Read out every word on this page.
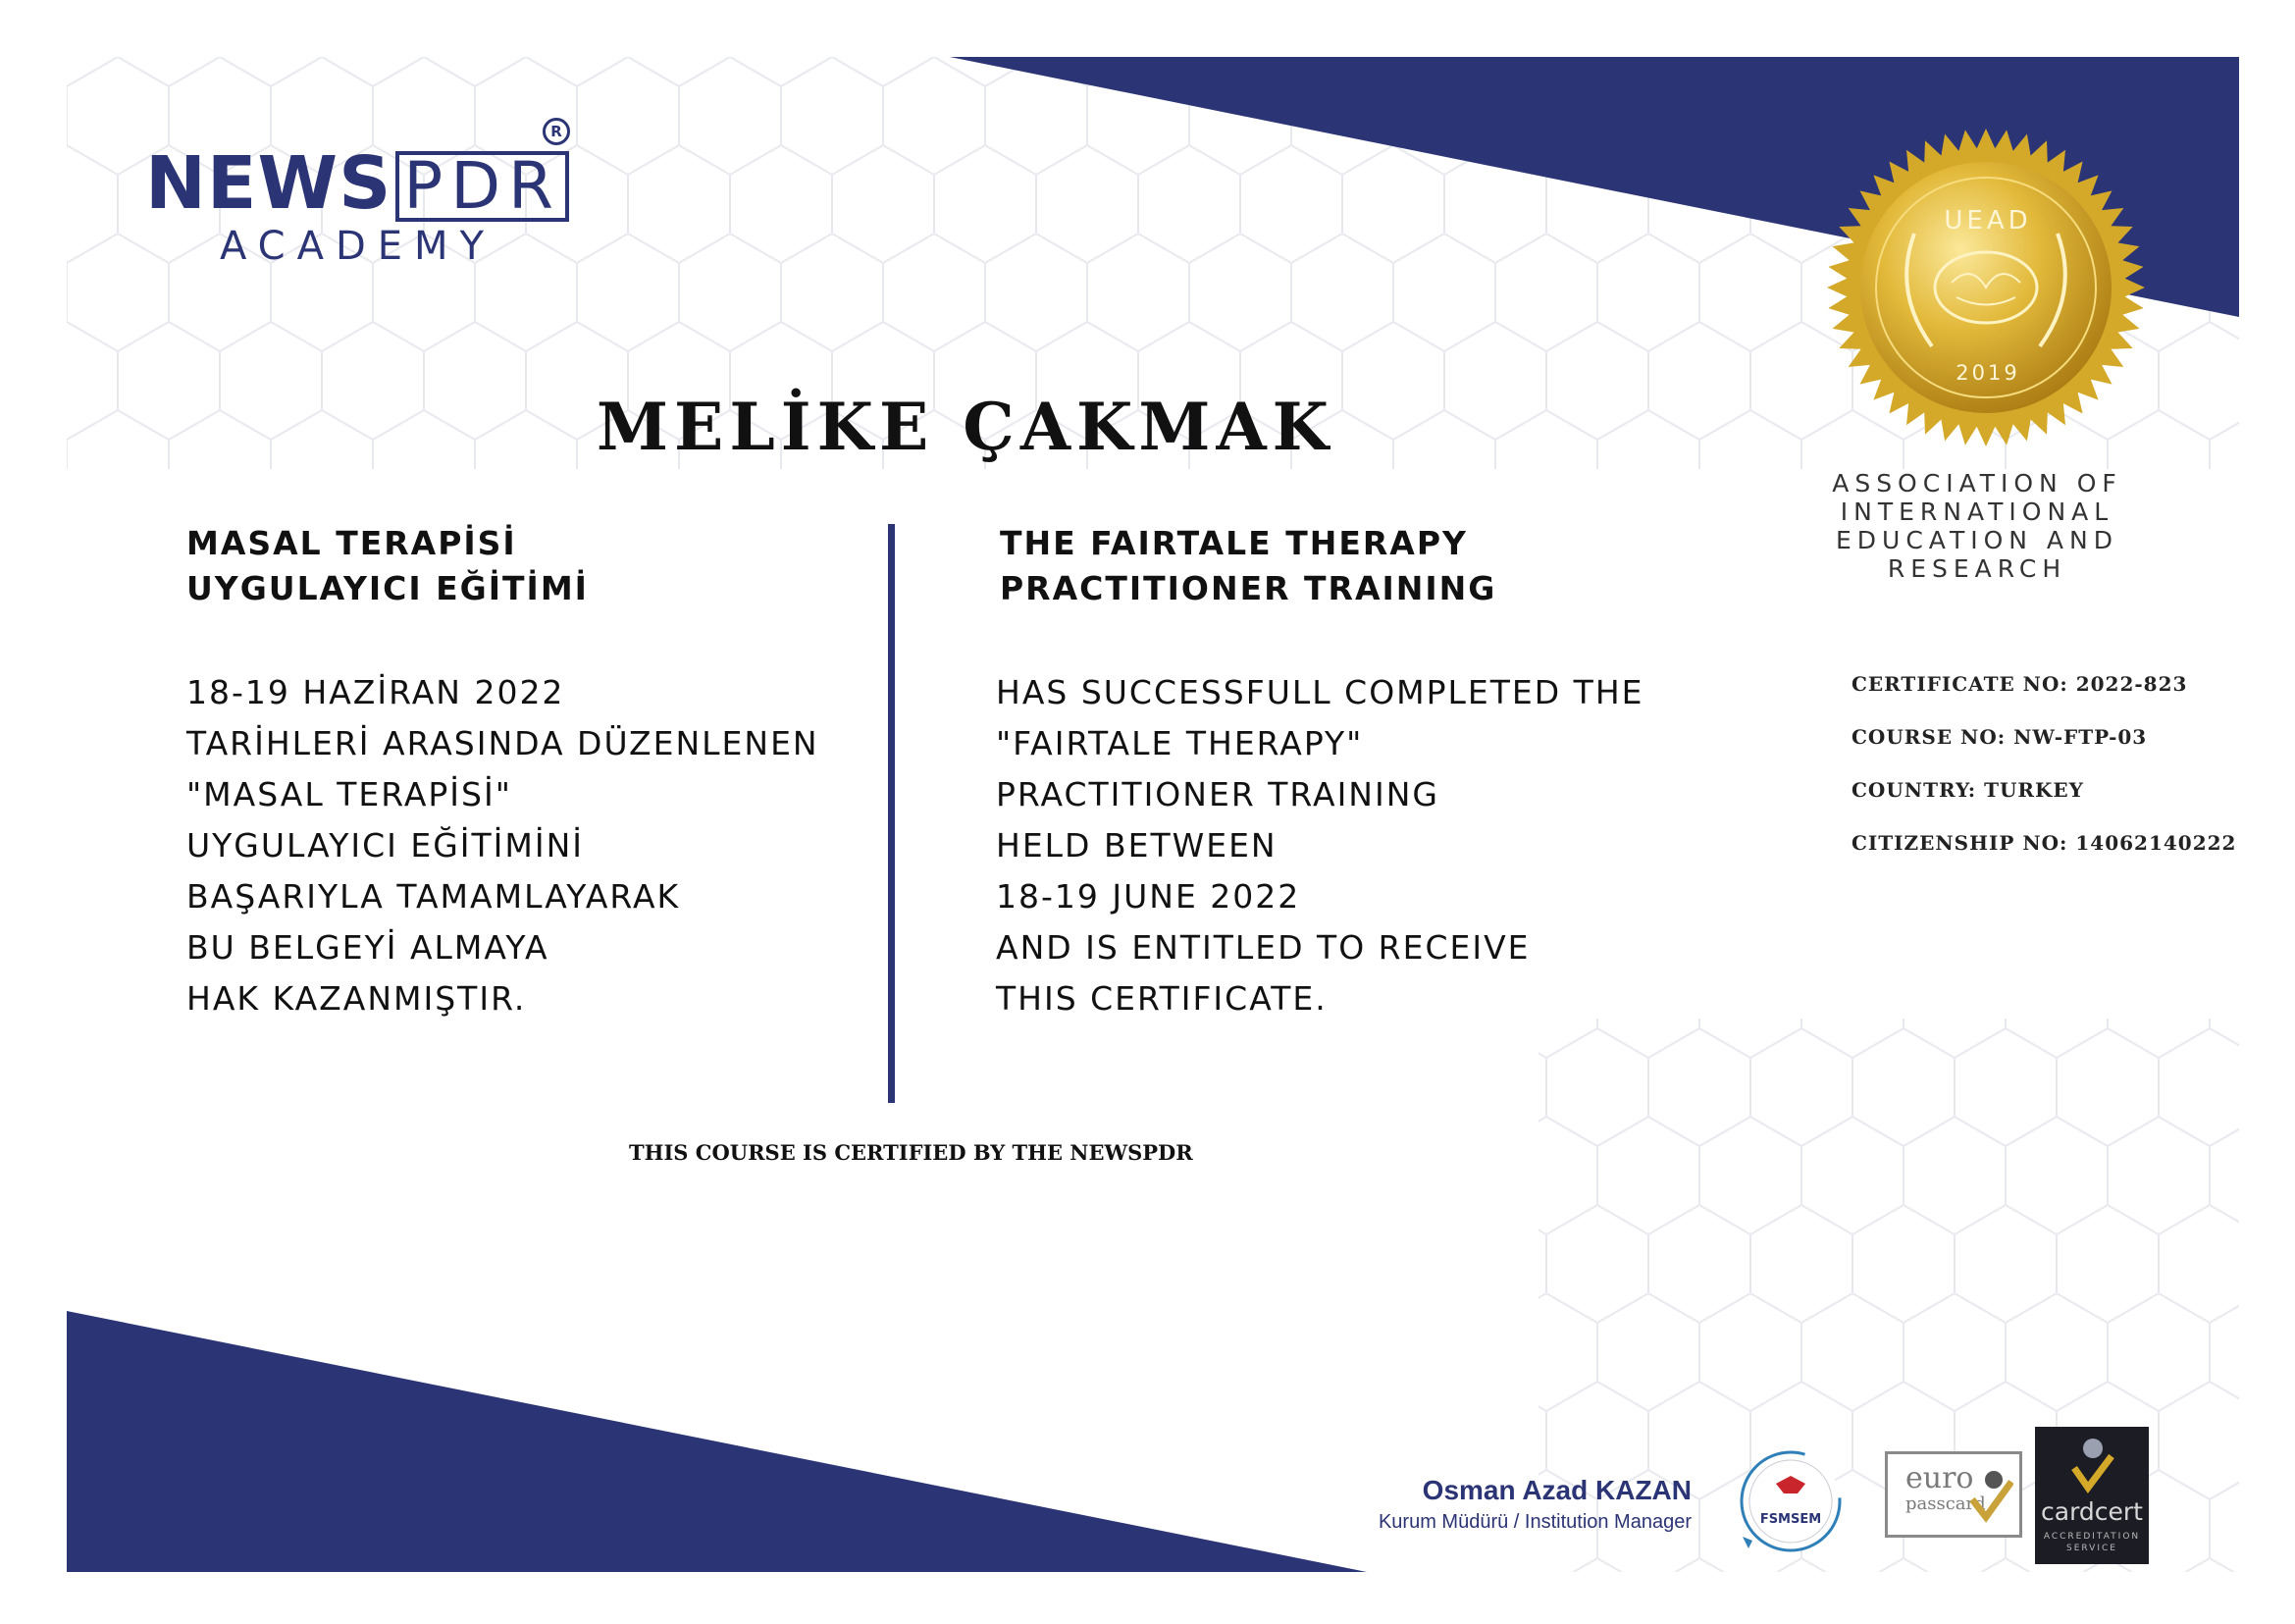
NEWS PDR
R
ACADEMY
MELİKE ÇAKMAK
MASAL TERAPİSİ
UYGULAYICI EĞİTİMİ
18-19 HAZİRAN 2022
TARİHLERİ ARASINDA DÜZENLENEN
"MASAL TERAPİSİ"
UYGULAYICI EĞİTİMİNİ
BAŞARIYLA TAMAMLAYARAK
BU BELGEYİ ALMAYA
HAK KAZANMIŞTIR.
THE FAIRTALE THERAPY
PRACTITIONER TRAINING
HAS SUCCESSFULL COMPLETED THE
"FAIRTALE THERAPY"
PRACTITIONER TRAINING
HELD BETWEEN
18-19 JUNE 2022
AND IS ENTITLED TO RECEIVE
THIS CERTIFICATE.
THIS COURSE IS CERTIFIED BY THE NEWSPDR
UEAD
2019
ASSOCIATION OF
INTERNATIONAL
EDUCATION AND
RESEARCH
CERTIFICATE NO: 2022-823
COURSE NO: NW-FTP-03
COUNTRY: TURKEY
CITIZENSHIP NO: 14062140222
Osman Azad KAZAN
Kurum Müdürü / Institution Manager	FSMSEM
euro
passcard cardcert
ACCREDITATION
SERVICE
